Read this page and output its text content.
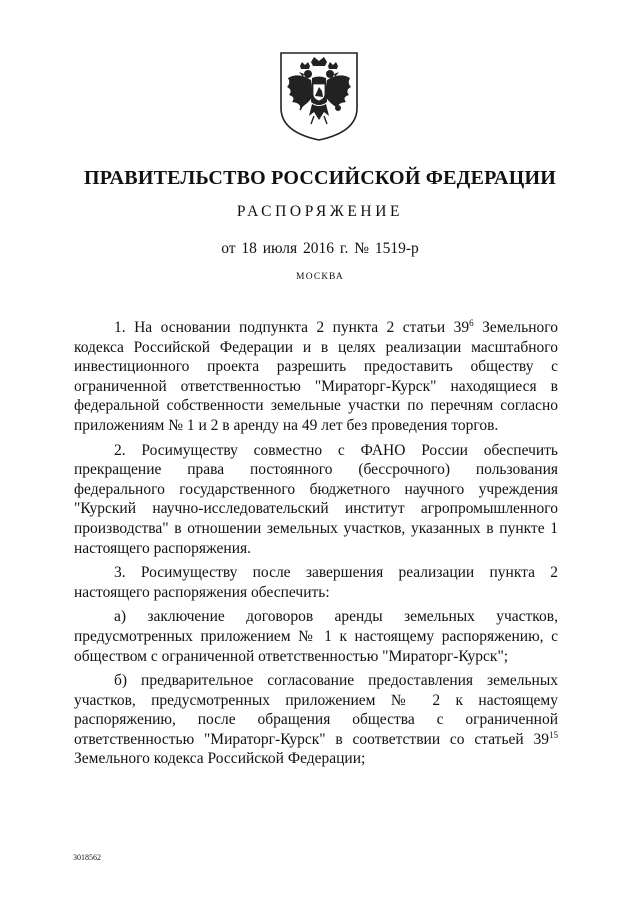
ПРАВИТЕЛЬСТВО РОССИЙСКОЙ ФЕДЕРАЦИИ
РАСПОРЯЖЕНИЕ
от 18 июля 2016 г. № 1519-р
МОСКВА

1. На основании подпункта 2 пункта 2 статьи $39^6$ Земельного кодекса Российской Федерации и в целях реализации масштабного инвестиционного проекта разрешить предоставить обществу с ограниченной ответственностью "Мираторг-Курск" находящиеся в федеральной собственности земельные участки по перечням согласно приложениям № 1 и 2 в аренду на 49 лет без проведения торгов.

2. Росимуществу совместно с ФАНО России обеспечить прекращение права постоянного (бессрочного) пользования федерального государственного бюджетного научного учреждения "Курский научно-исследовательский институт агропромышленного производства" в отношении земельных участков, указанных в пункте 1 настоящего распоряжения.

3. Росимуществу после завершения реализации пункта 2 настоящего распоряжения обеспечить:

а) заключение договоров аренды земельных участков, предусмотренных приложением № 1 к настоящему распоряжению, с обществом с ограниченной ответственностью "Мираторг-Курск";

б) предварительное согласование предоставления земельных участков, предусмотренных приложением № 2 к настоящему распоряжению, после обращения общества с ограниченной ответственностью "Мираторг-Курск" в соответствии со статьей $39^{15}$ Земельного кодекса Российской Федерации;

3018562
